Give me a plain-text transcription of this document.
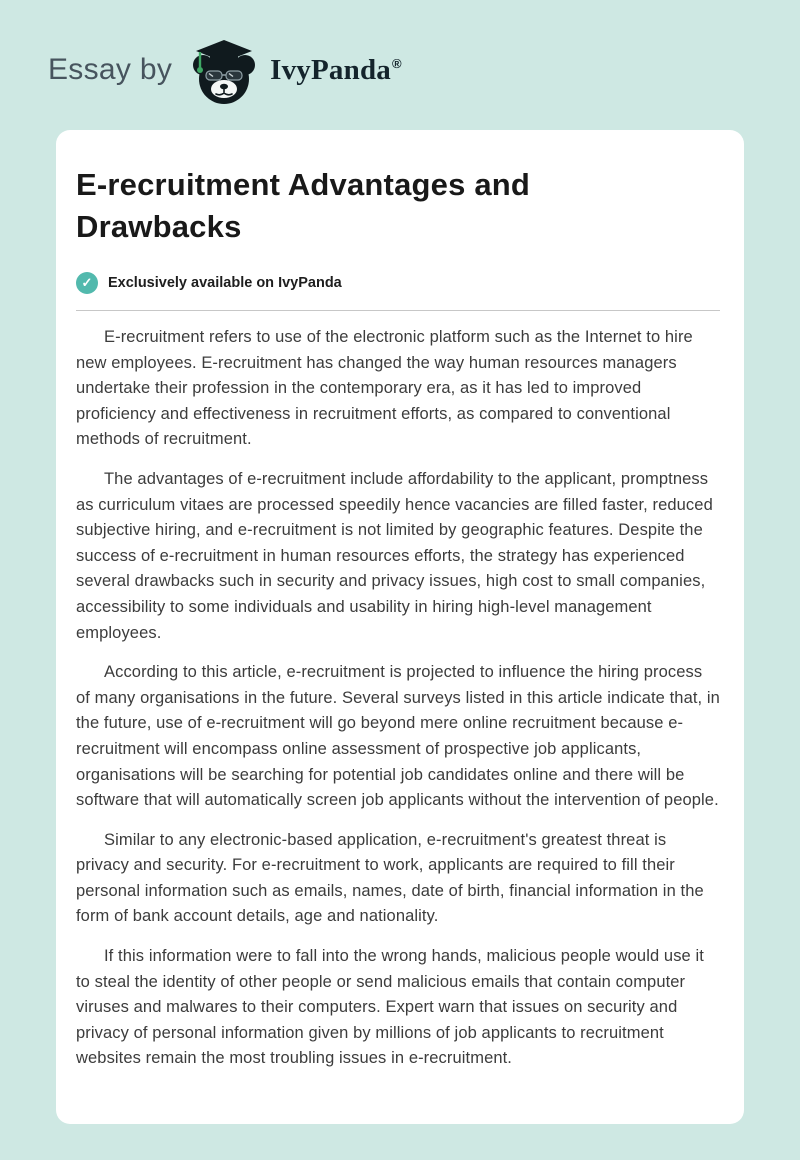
Essay by	IvyPanda ®
E-recruitment Advantages and Drawbacks
✓	Exclusively available on IvyPanda

E-recruitment refers to use of the electronic platform such as the Internet to hire new employees. E-recruitment has changed the way human resources managers undertake their profession in the contemporary era, as it has led to improved proficiency and effectiveness in recruitment efforts, as compared to conventional methods of recruitment.

The advantages of e-recruitment include affordability to the applicant, promptness as curriculum vitaes are processed speedily hence vacancies are filled faster, reduced subjective hiring, and e-recruitment is not limited by geographic features. Despite the success of e-recruitment in human resources efforts, the strategy has experienced several drawbacks such in security and privacy issues, high cost to small companies, accessibility to some individuals and usability in hiring high-level management employees.

According to this article, e-recruitment is projected to influence the hiring process of many organisations in the future. Several surveys listed in this article indicate that, in the future, use of e-recruitment will go beyond mere online recruitment because e-recruitment will encompass online assessment of prospective job applicants, organisations will be searching for potential job candidates online and there will be software that will automatically screen job applicants without the intervention of people.

Similar to any electronic-based application, e-recruitment's greatest threat is privacy and security. For e-recruitment to work, applicants are required to fill their personal information such as emails, names, date of birth, financial information in the form of bank account details, age and nationality.

If this information were to fall into the wrong hands, malicious people would use it to steal the identity of other people or send malicious emails that contain computer viruses and malwares to their computers. Expert warn that issues on security and privacy of personal information given by millions of job applicants to recruitment websites remain the most troubling issues in e-recruitment.
